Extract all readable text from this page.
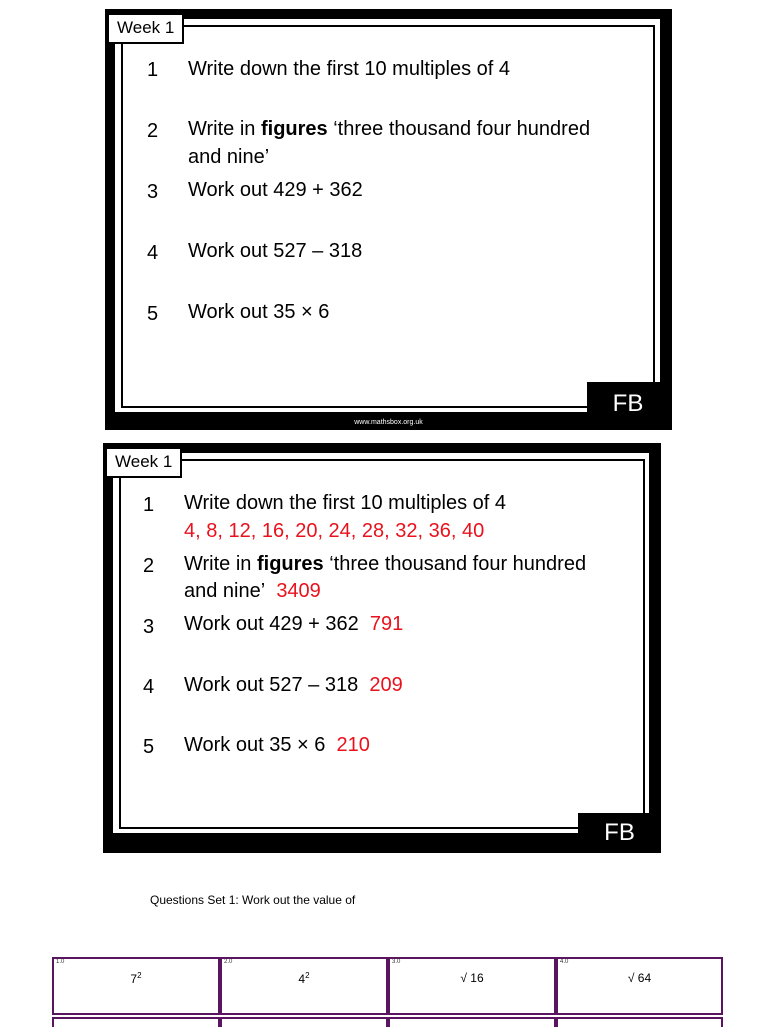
Week 1
1 Write down the first 10 multiples of 4
2 Write in figures ‘three thousand four hundred
and nine’
3 Work out 429 + 362
4 Work out 527 – 318
5 Work out 35 × 6
FB
www.mathsbox.org.uk
Week 1
1 Write down the first 10 multiples of 4
4, 8, 12, 16, 20, 24, 28, 32, 36, 40
2 Write in figures ‘three thousand four hundred
and nine’ 3409
3 Work out 429 + 362 791
4 Work out 527 – 318 209
5 Work out 35 × 6 210
FB
Questions Set 1: Work out the value of
1.0
$7^2$
2.0
$4^2$
3.0
√ 16
4.0
√ 64
